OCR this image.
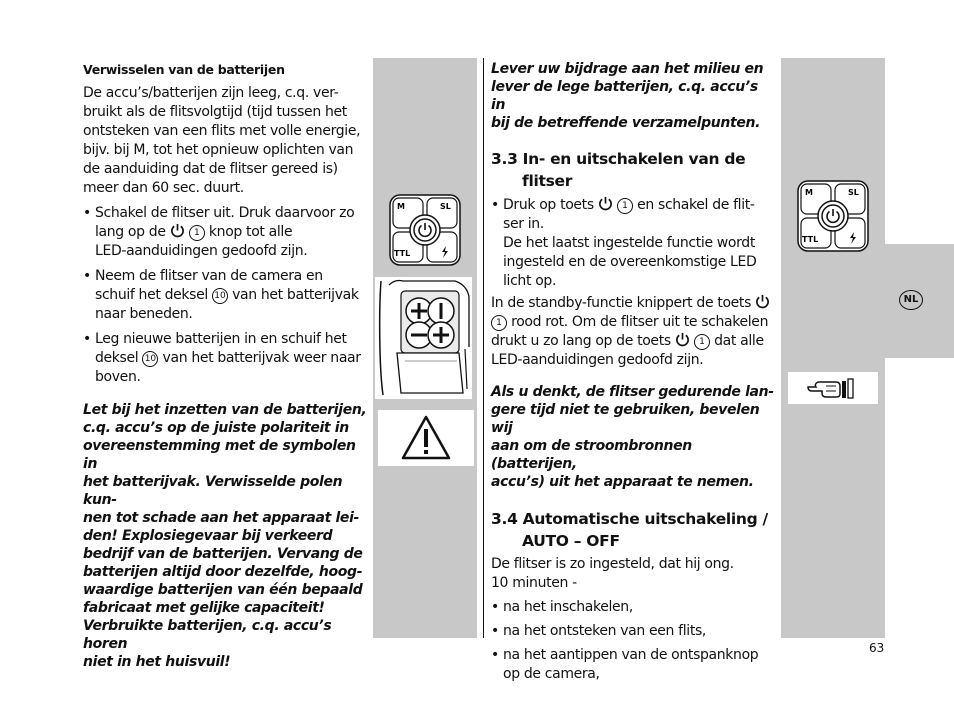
Verwisselen van de batterijen

De accu’s/batterijen zijn leeg, c.q. ver-

bruikt als de flitsvolgtijd (tijd tussen het

ontsteken van een flits met volle energie,

bijv. bij M, tot het opnieuw oplichten van

de aanduiding dat de flitser gereed is)

meer dan 60 sec. duurt.

• Schakel de flitser uit. Druk daarvoor zo

lang op de	1 knop tot alle

LED-aanduidingen gedoofd zijn.

• Neem de flitser van de camera en

schuif het deksel 10 van het batterijvak

naar beneden.

• Leg nieuwe batterijen in en schuif het

deksel 10 van het batterijvak weer naar

boven.

Let bij het inzetten van de batterijen,

c.q. accu’s op de juiste polariteit in

overeenstemming met de symbolen in

het batterijvak. Verwisselde polen kun-

nen tot schade aan het apparaat lei-

den! Explosiegevaar bij verkeerd

bedrijf van de batterijen. Vervang de

batterijen altijd door dezelfde, hoog-

waardige batterijen van één bepaald

fabricaat met gelijke capaciteit!

Verbruikte batterijen, c.q. accu’s horen

niet in het huisvuil!

M	SL
TTL

Lever uw bijdrage aan het milieu en

lever de lege batterijen, c.q. accu’s in

bij de betreffende verzamelpunten.

3.3 In- en uitschakelen van de
flitser

• Druk op toets	1 en schakel de flit-

ser in.

De het laatst ingestelde functie wordt

ingesteld en de overeenkomstige LED

licht op.

In de standby-functie knippert de toets

1 rood rot. Om de flitser uit te schakelen

drukt u zo lang op de toets	1 dat alle

LED-aanduidingen gedoofd zijn.

Als u denkt, de flitser gedurende lan-

gere tijd niet te gebruiken, bevelen wij

aan om de stroombronnen (batterijen,

accu’s) uit het apparaat te nemen.

3.4 Automatische uitschakeling /
AUTO – OFF

De flitser is zo ingesteld, dat hij ong.

10 minuten -

• na het inschakelen,

• na het ontsteken van een flits,

• na het aantippen van de ontspanknop

op de camera,

M	SL
TTL
NL
63
